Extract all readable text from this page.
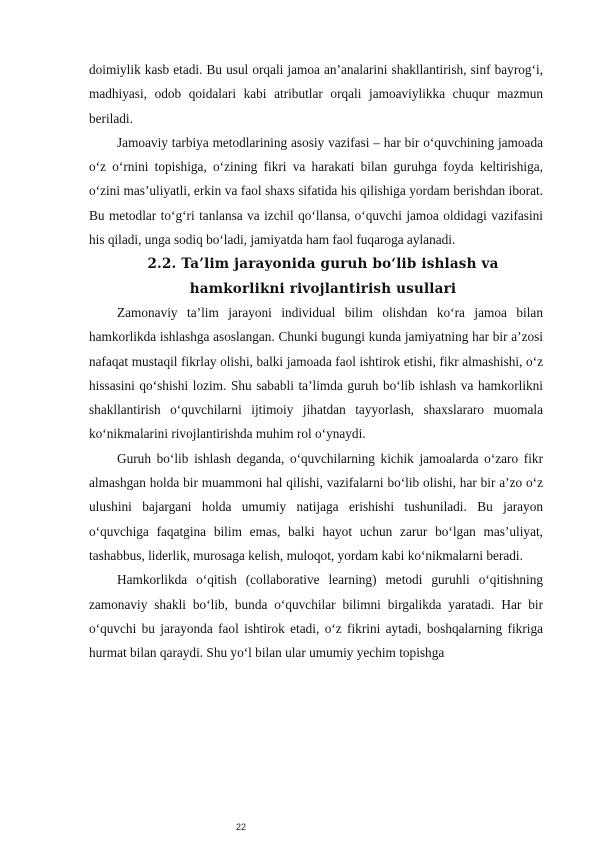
doimiylik kasb etadi. Bu usul orqali jamoa an’analarini shakllantirish, sinf bayrog‘i, madhiyasi, odob qoidalari kabi atributlar orqali jamoaviylikka chuqur mazmun beriladi.

Jamoaviy tarbiya metodlarining asosiy vazifasi – har bir o‘quvchining jamoada o‘z o‘rnini topishiga, o‘zining fikri va harakati bilan guruhga foyda keltirishiga, o‘zini mas’uliyatli, erkin va faol shaxs sifatida his qilishiga yordam berishdan iborat. Bu metodlar to‘g‘ri tanlansa va izchil qo‘llansa, o‘quvchi jamoa oldidagi vazifasini his qiladi, unga sodiq bo‘ladi, jamiyatda ham faol fuqaroga aylanadi.

2.2. Ta’lim jarayonida guruh bo‘lib ishlash va hamkorlikni rivojlantirish usullari

Zamonaviy ta’lim jarayoni individual bilim olishdan ko‘ra jamoa bilan hamkorlikda ishlashga asoslangan. Chunki bugungi kunda jamiyatning har bir a’zosi nafaqat mustaqil fikrlay olishi, balki jamoada faol ishtirok etishi, fikr almashishi, o‘z hissasini qo‘shishi lozim. Shu sababli ta’limda guruh bo‘lib ishlash va hamkorlikni shakllantirish o‘quvchilarni ijtimoiy jihatdan tayyorlash, shaxslararo muomala ko‘nikmalarini rivojlantirishda muhim rol o‘ynaydi.

Guruh bo‘lib ishlash deganda, o‘quvchilarning kichik jamoalarda o‘zaro fikr almashgan holda bir muammoni hal qilishi, vazifalarni bo‘lib olishi, har bir a’zo o‘z ulushini bajargani holda umumiy natijaga erishishi tushuniladi. Bu jarayon o‘quvchiga faqatgina bilim emas, balki hayot uchun zarur bo‘lgan mas’uliyat, tashabbus, liderlik, murosaga kelish, muloqot, yordam kabi ko‘nikmalarni beradi.

Hamkorlikda o‘qitish (collaborative learning) metodi guruhli o‘qitishning zamonaviy shakli bo‘lib, bunda o‘quvchilar bilimni birgalikda yaratadi. Har bir o‘quvchi bu jarayonda faol ishtirok etadi, o‘z fikrini aytadi, boshqalarning fikriga hurmat bilan qaraydi. Shu yo‘l bilan ular umumiy yechim topishga

22
